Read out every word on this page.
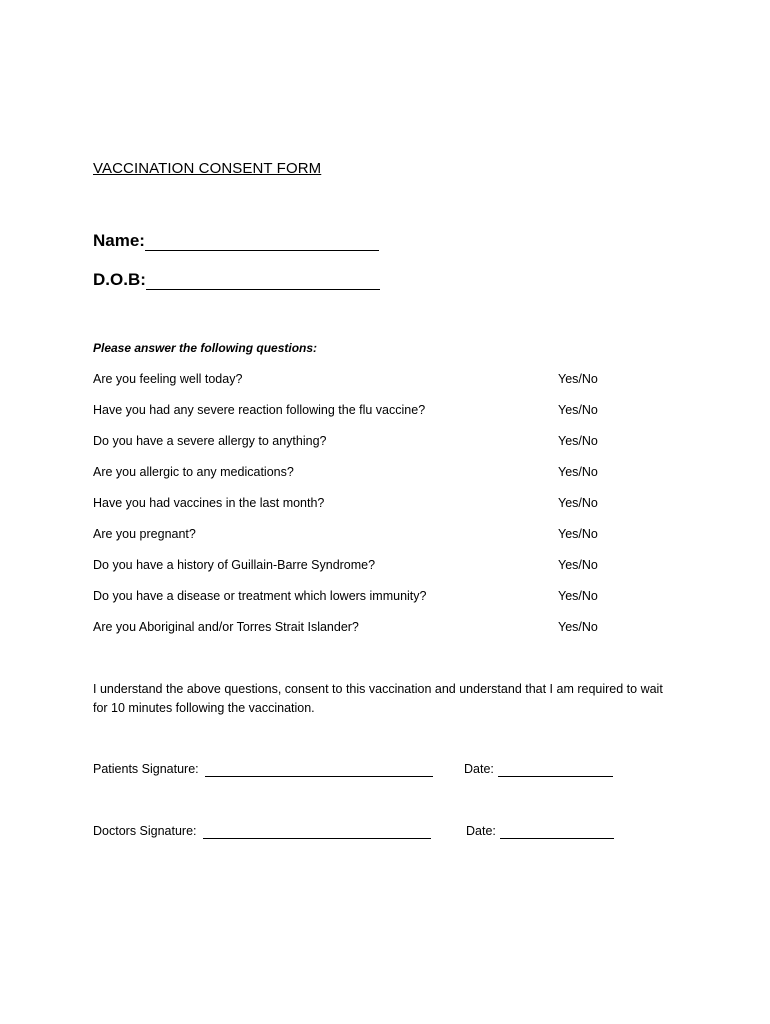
VACCINATION CONSENT FORM
Name:
D.O.B:
Please answer the following questions:
Are you feeling well today?	Yes/No
Have you had any severe reaction following the flu vaccine?	Yes/No
Do you have a severe allergy to anything?	Yes/No
Are you allergic to any medications?	Yes/No
Have you had vaccines in the last month?	Yes/No
Are you pregnant?	Yes/No
Do you have a history of Guillain-Barre Syndrome?	Yes/No
Do you have a disease or treatment which lowers immunity?	Yes/No
Are you Aboriginal and/or Torres Strait Islander?	Yes/No
I understand the above questions, consent to this vaccination and understand that I am required to wait for 10 minutes following the vaccination.
Patients Signature:	Date:
Doctors Signature:	Date:
